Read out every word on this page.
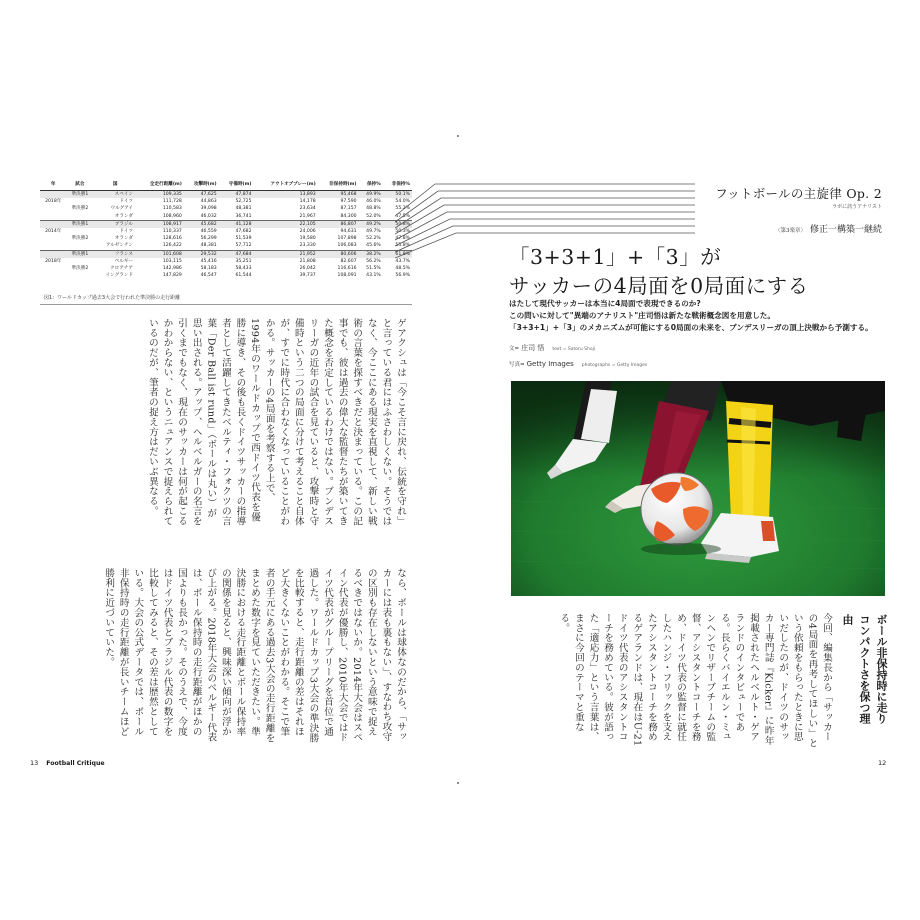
年	試合	国	全走行距離(m)	攻撃時(m)	守備時(m)	アウトオブプレー(m)	非保持時(m)	保持%	非保持%
	準決勝1	スペイン	109,335	47,625	47,874	13,893	95,468	49.9%	50.1%
2018年		ドイツ	111,728	44,863	52,725	14,178	97,590	46.0%	54.0%
	準決勝2	ウルグアイ	110,583	39,098	48,381	23,634	87,157	48.8%	55.2%
		オランダ	108,960	46,032	36,741	21,967	84,300	52.0%	47.5%
	準決勝1	ブラジル	108,917	45,682	41,128	22,105	86,807	49.2%	50.8%
2014年		ドイツ	110,337	46,559	47,682	24,006	94,631	49.7%	50.3%
	準決勝2	オランダ	128,616	56,299	51,539	19,580	107,898	52.2%	47.8%
		アルゼンチン	126,422	48,381	57,712	23,330	106,083	45.6%	55.8%
	準決勝1	フランス	101,608	29,532	47,684	21,952	80,606	38.2%	61.8%
2018年		ベルギー	103,115	45,416	35,251	21,808	82,607	56.2%	43.7%
	準決勝2	クロアチア	142,986	58,183	58,433	26,042	116,616	51.5%	48.5%
		イングランド	147,829	46,547	61,544	39,737	108,091	43.1%	56.9%
図1：ワールドカップ過去3大会で行われた準決勝の走行距離
フットボールの主旋律 Op. 2
ラボに訊うアナリスト
〈第3楽章〉 修正一構築一継続
「3+3+1」+「3」が
サッカーの4局面を0局面にする
はたして現代サッカーは本当に4局面で表現できるのか?
この問いに対して"異端のアナリスト"庄司悟は新たな戦術概念図を用意した。
「3+3+1」+「3」のメカニズムが可能にする0局面の未来を、ブンデスリーガの頂上決戦から予測する。
文= 庄司 悟 text = Satoru Shoji
写真= Getty Images photographs = Getty Images
ゲアクシュは「今こそ言に戻れ、伝統を守れ」と言っている君にはふさわしくない。そうではなく、今ここにある現実を直視して、新しい戦術の言葉を探すべきだと決まっている。この記事でも、彼は過去の偉大な監督たちが築いてきた概念を否定しているわけではない。ブンデスリーガの近年の試合を見ていると、攻撃時と守備時という二つの局面に分けて考えること自体が、すでに時代に合わなくなっていることがわかる。サッカーの4局面を考察する上で、1994年のワールドカップで西ドイツ代表を優勝に導き、その後も長くドイツサッカーの指導者として活躍してきたベルティ・フォクツの言葉「Der Ball ist rund」（ボールは丸い）が思い出される。アップ、ヘルベルガーの名言を引くまでもなく、現在のサッカーは何が起こるかわからない、というニュアンスで捉えられているのだが、筆者の捉え方はだいぶ異なる。
なら、ボールは球体なのだから、「サッカーには表も裏もない」、すなわち攻守の区別も存在しないという意味で捉えるべきではないか。2014年大会はスペイン代表が優勝し、2010年大会ではドイツ代表がグループリーグを首位で通過した。ワールドカップ3大会の準決勝を比較すると、走行距離の差はそれほど大きくないことがわかる。そこで筆者の手元にある過去3大会の走行距離をまとめた数字を見ていただきたい。準決勝における走行距離とボール保持率の関係を見ると、興味深い傾向が浮かび上がる。2018年大会のベルギー代表は、ボール保持時の走行距離がほかの国よりも長かった。そのうえで、今度はドイツ代表とブラジル代表の数字を比較してみると、その差は歴然としている。大会の公式データでは、ボール非保持時の走行距離が長いチームほど勝利に近づいていた。	今回、編集長から「サッカーの4局面を再考してほしい」という依頼をもらったときに思いだしたのが、ドイツのサッカー専門誌『Kicker』に昨年掲載されたヘルベルト・ゲアランドのインタビューである。長らくバイエルン・ミュンヘンでリザーブチームの監督、アシスタントコーチを務め、ドイツ代表の監督に就任したハンジ・フリックを支えたアシスタントコーチを務めるゲアランドは、現在はU-21ドイツ代表のアシスタントコーチを務めている。彼が語った「適応力」という言葉は、まさに今回のテーマと重なる。	ボール非保持時に走りコンパクトさを保つ理由
13 Football Critique	12
